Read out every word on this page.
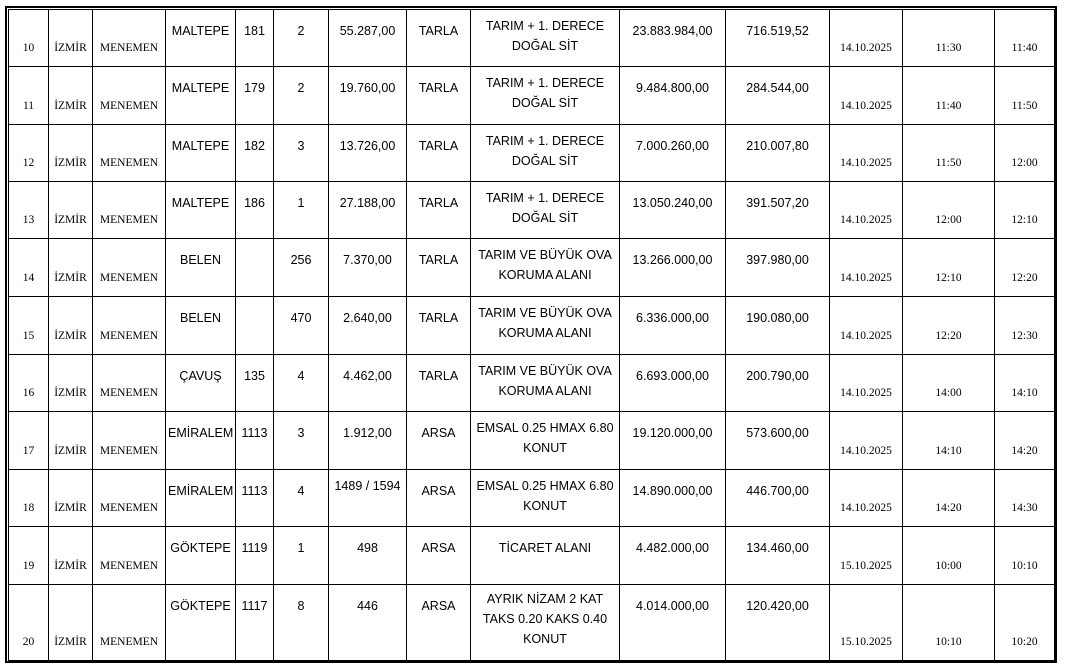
10	İZMİR	MENEMEN	MALTEPE	181	2	55.287,00	TARLA	TARIM + 1. DERECE
DOĞAL SİT	23.883.984,00	716.519,52	14.10.2025	11:30	11:40
11	İZMİR	MENEMEN	MALTEPE	179	2	19.760,00	TARLA	TARIM + 1. DERECE
DOĞAL SİT	9.484.800,00	284.544,00	14.10.2025	11:40	11:50
12	İZMİR	MENEMEN	MALTEPE	182	3	13.726,00	TARLA	TARIM + 1. DERECE
DOĞAL SİT	7.000.260,00	210.007,80	14.10.2025	11:50	12:00
13	İZMİR	MENEMEN	MALTEPE	186	1	27.188,00	TARLA	TARIM + 1. DERECE
DOĞAL SİT	13.050.240,00	391.507,20	14.10.2025	12:00	12:10
14	İZMİR	MENEMEN	BELEN		256	7.370,00	TARLA	TARIM VE BÜYÜK OVA
KORUMA ALANI	13.266.000,00	397.980,00	14.10.2025	12:10	12:20
15	İZMİR	MENEMEN	BELEN		470	2.640,00	TARLA	TARIM VE BÜYÜK OVA
KORUMA ALANI	6.336.000,00	190.080,00	14.10.2025	12:20	12:30
16	İZMİR	MENEMEN	ÇAVUŞ	135	4	4.462,00	TARLA	TARIM VE BÜYÜK OVA
KORUMA ALANI	6.693.000,00	200.790,00	14.10.2025	14:00	14:10
17	İZMİR	MENEMEN	EMİRALEM	1113	3	1.912,00	ARSA	EMSAL 0.25 HMAX 6.80
KONUT	19.120.000,00	573.600,00	14.10.2025	14:10	14:20
18	İZMİR	MENEMEN	EMİRALEM	1113	4	1489 / 1594	ARSA	EMSAL 0.25 HMAX 6.80
KONUT	14.890.000,00	446.700,00	14.10.2025	14:20	14:30
19	İZMİR	MENEMEN	GÖKTEPE	1119	1	498	ARSA	TİCARET ALANI	4.482.000,00	134.460,00	15.10.2025	10:00	10:10
20	İZMİR	MENEMEN	GÖKTEPE	1117	8	446	ARSA	AYRIK NİZAM 2 KAT
TAKS 0.20 KAKS 0.40
KONUT	4.014.000,00	120.420,00	15.10.2025	10:10	10:20
